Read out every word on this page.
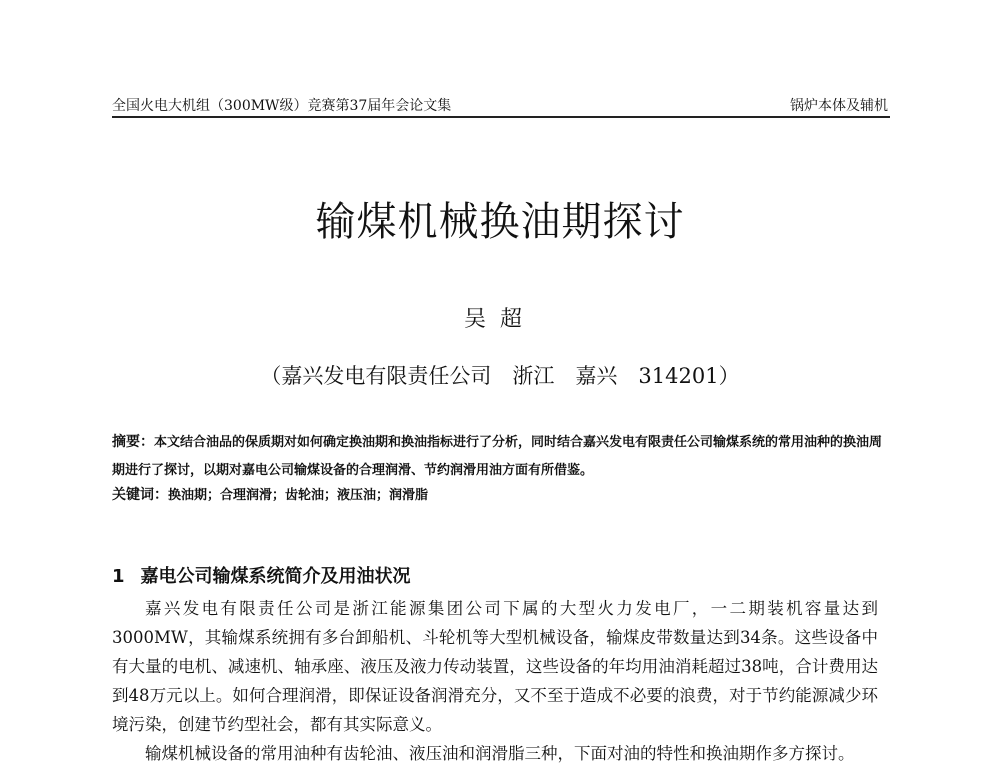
全国火电大机组（300MW级）竞赛第37届年会论文集	锅炉本体及辅机
输煤机械换油期探讨
吴超
（嘉兴发电有限责任公司　浙江　嘉兴　314201）
摘要：本文结合油品的保质期对如何确定换油期和换油指标进行了分析，同时结合嘉兴发电有限责任公司输煤系统的常用油种的换油周期进行了探讨，以期对嘉电公司输煤设备的合理润滑、节约润滑用油方面有所借鉴。
关键词：换油期；合理润滑；齿轮油；液压油；润滑脂
1 嘉电公司输煤系统简介及用油状况

嘉兴发电有限责任公司是浙江能源集团公司下属的大型火力发电厂，一二期装机容量达到3000MW，其输煤系统拥有多台卸船机、斗轮机等大型机械设备，输煤皮带数量达到34条。这些设备中有大量的电机、减速机、轴承座、液压及液力传动装置，这些设备的年均用油消耗超过38吨，合计费用达到48万元以上。如何合理润滑，即保证设备润滑充分，又不至于造成不必要的浪费，对于节约能源减少环境污染，创建节约型社会，都有其实际意义。

输煤机械设备的常用油种有齿轮油、液压油和润滑脂三种，下面对油的特性和换油期作多方探讨。
